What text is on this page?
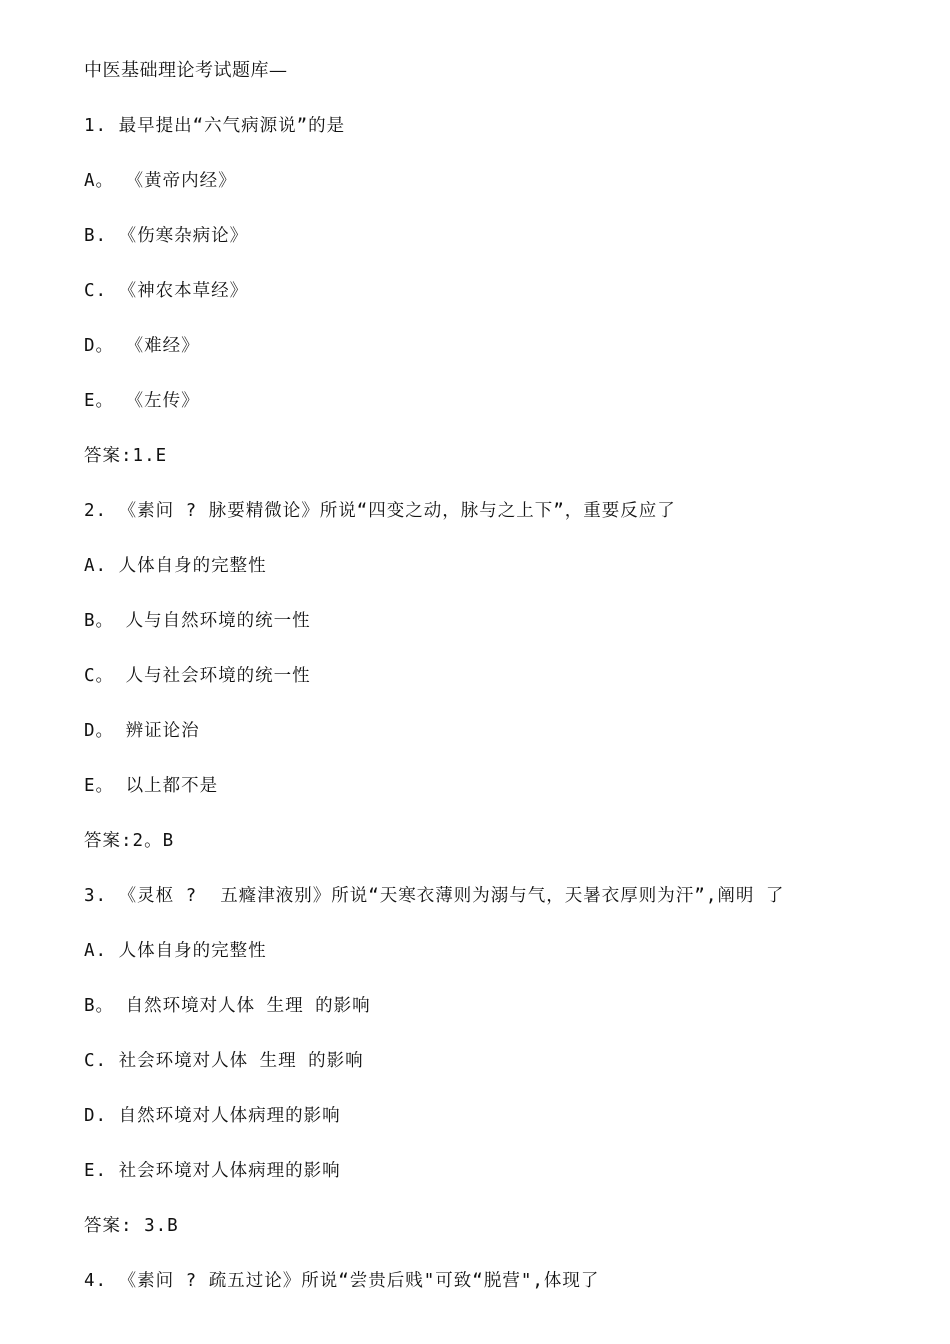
中医基础理论考试题库—
1. 最早提出“六气病源说”的是
A。 《黄帝内经》
B. 《伤寒杂病论》
C. 《神农本草经》
D。 《难经》
E。 《左传》
答案:1.E
2. 《素问 ? 脉要精微论》所说“四变之动，脉与之上下”，重要反应了
A. 人体自身的完整性
B。 人与自然环境的统一性
C。 人与社会环境的统一性
D。 辨证论治
E。 以上都不是
答案:2。B
3. 《灵枢 ?  五癃津液别》所说“天寒衣薄则为溺与气，天暑衣厚则为汗”,阐明 了
A. 人体自身的完整性
B。 自然环境对人体 生理 的影响
C. 社会环境对人体 生理 的影响
D. 自然环境对人体病理的影响
E. 社会环境对人体病理的影响
答案: 3.B
4. 《素问 ? 疏五过论》所说“尝贵后贱"可致“脱营",体现了
